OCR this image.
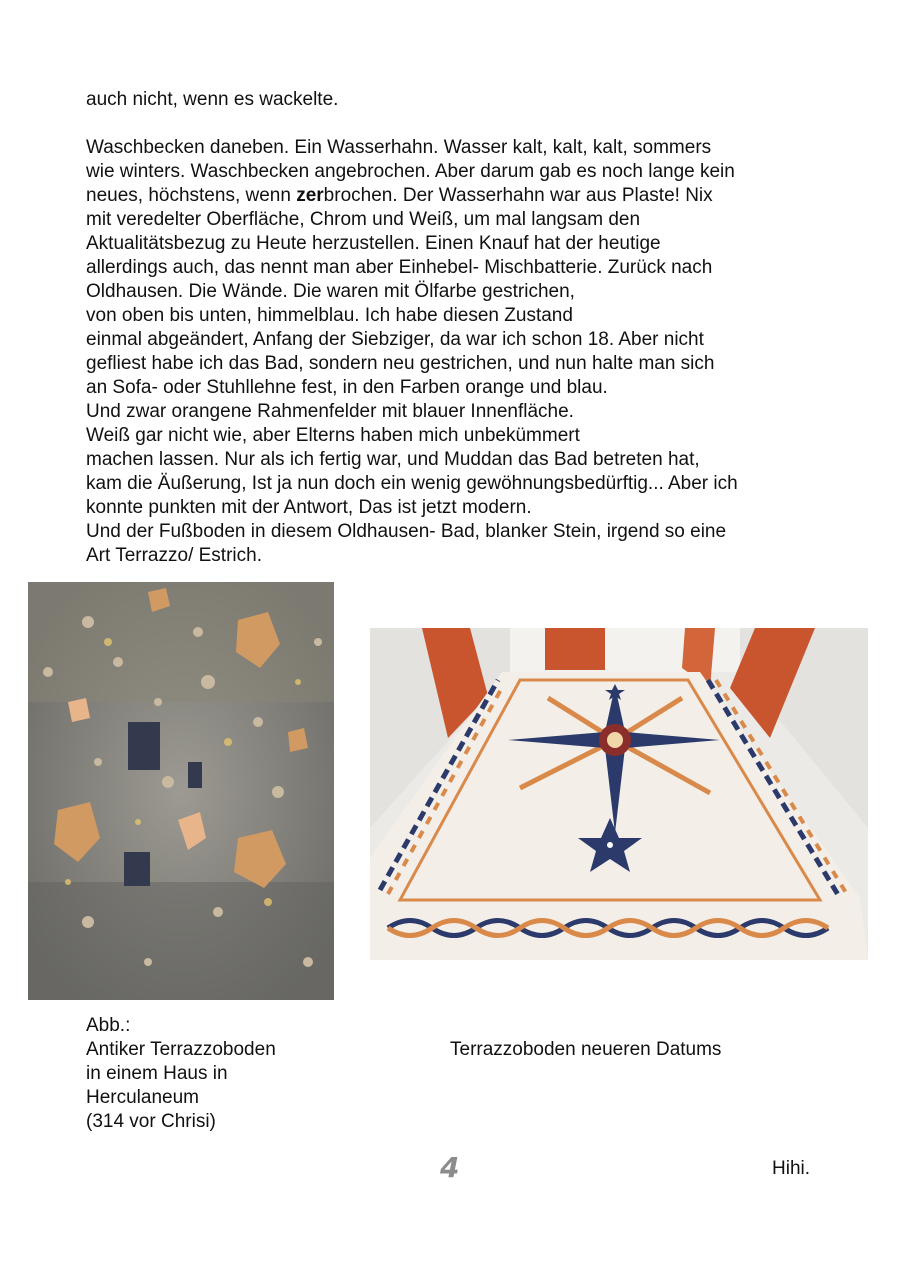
auch nicht, wenn es wackelte.
Waschbecken daneben. Ein Wasserhahn. Wasser kalt, kalt, kalt, sommers
wie winters. Waschbecken angebrochen. Aber darum gab es noch lange kein
neues, höchstens, wenn zerbrochen. Der Wasserhahn war aus Plaste! Nix
mit veredelter Oberfläche, Chrom und Weiß, um mal langsam den
Aktualitätsbezug zu Heute herzustellen. Einen Knauf hat der heutige
allerdings auch, das nennt man aber Einhebel- Mischbatterie. Zurück nach
Oldhausen. Die Wände. Die waren mit Ölfarbe gestrichen,
von oben bis unten, himmelblau. Ich habe diesen Zustand
einmal abgeändert, Anfang der Siebziger, da war ich schon 18. Aber nicht
gefliest habe ich das Bad, sondern neu gestrichen, und nun halte man sich
an Sofa- oder Stuhllehne fest, in den Farben orange und blau.
Und zwar orangene Rahmenfelder mit blauer Innenfläche.
Weiß gar nicht wie, aber Elterns haben mich unbekümmert
machen lassen. Nur als ich fertig war, und Muddan das Bad betreten hat,
kam die Äußerung, Ist ja nun doch ein wenig gewöhnungsbedürftig... Aber ich
konnte punkten mit der Antwort, Das ist jetzt modern.
Und der Fußboden in diesem Oldhausen- Bad, blanker Stein, irgend so eine
Art Terrazzo/ Estrich.
Abb.:
Antiker Terrazzoboden
in einem Haus in
Herculaneum
(314 vor Chrisi)
Terrazzoboden neueren Datums
4	Hihi.
